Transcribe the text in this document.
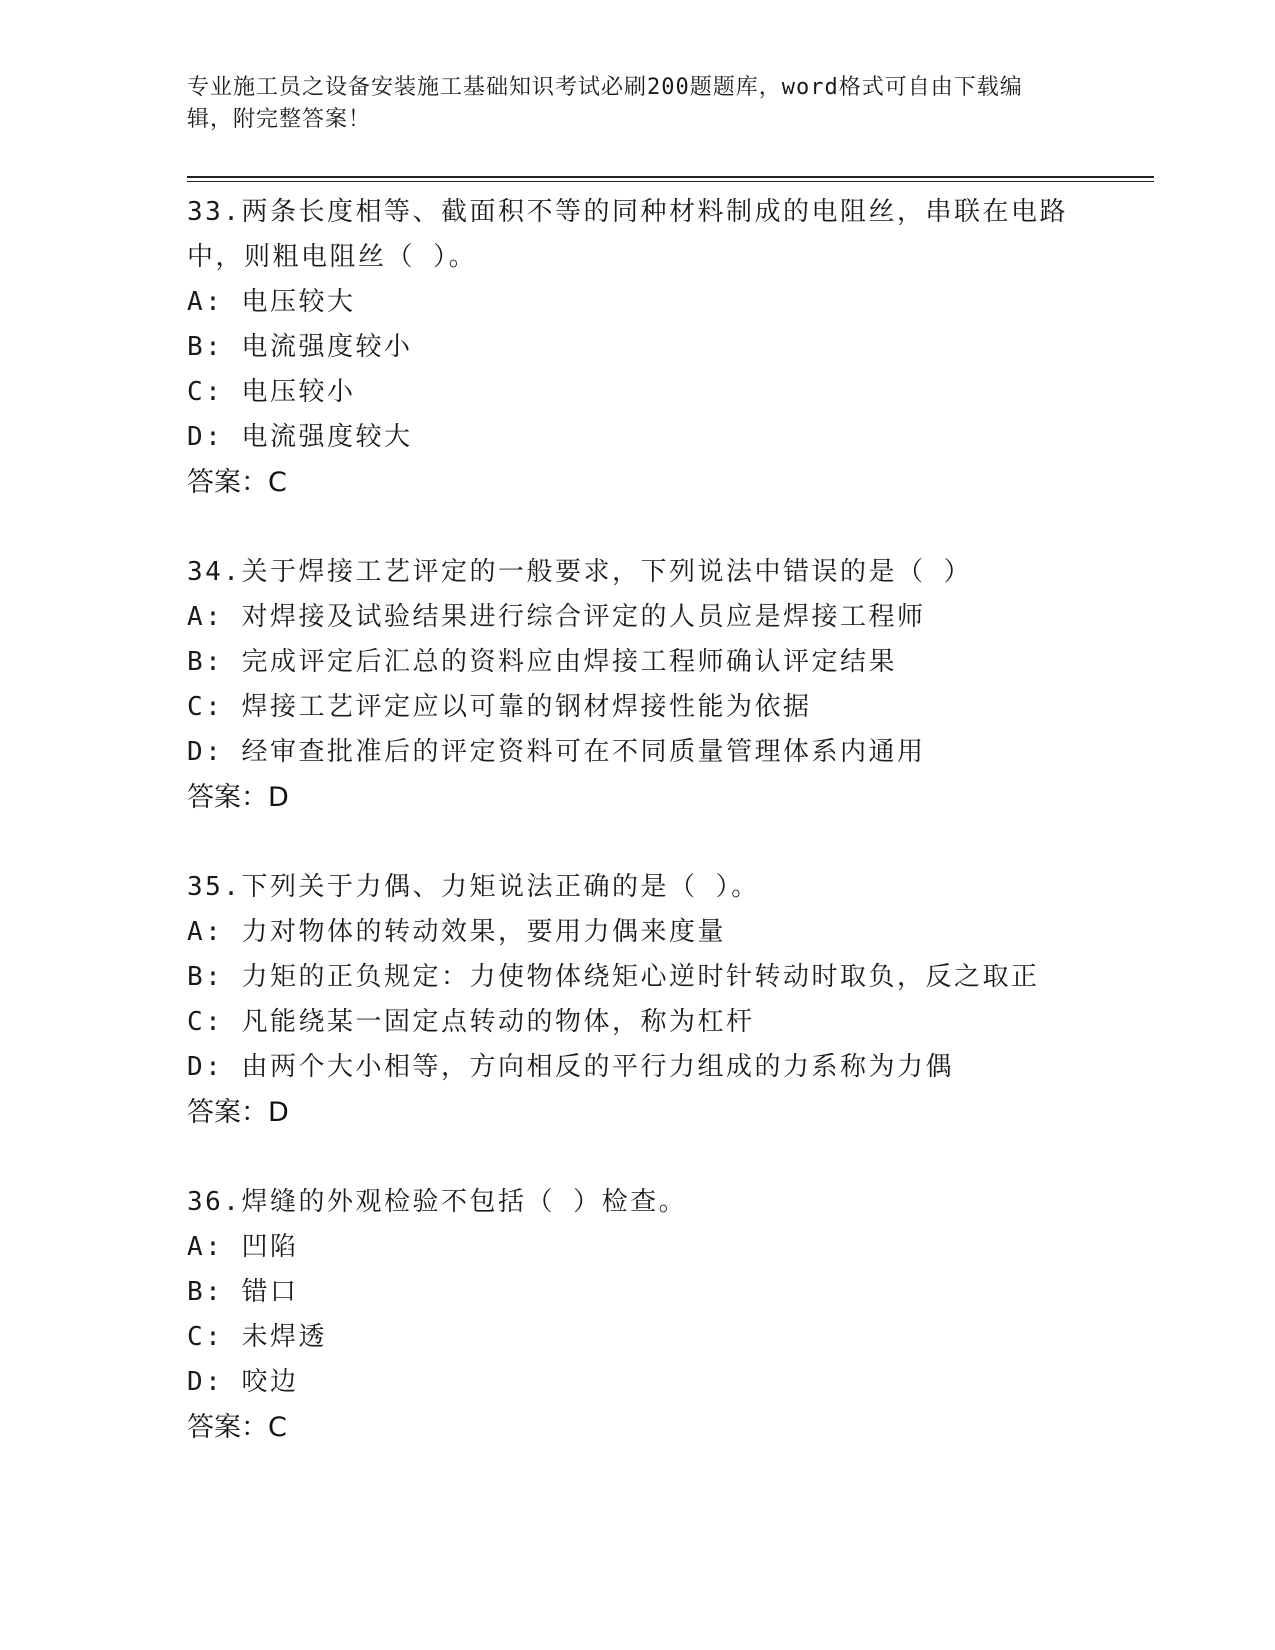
专业施工员之设备安装施工基础知识考试必刷200题题库，word格式可自由下载编辑，附完整答案！
33.两条长度相等、截面积不等的同种材料制成的电阻丝，串联在电路中，则粗电阻丝（ ）。
A: 电压较大
B: 电流强度较小
C: 电压较小
D: 电流强度较大
答案：C
34.关于焊接工艺评定的一般要求，下列说法中错误的是（ ）
A: 对焊接及试验结果进行综合评定的人员应是焊接工程师
B: 完成评定后汇总的资料应由焊接工程师确认评定结果
C: 焊接工艺评定应以可靠的钢材焊接性能为依据
D: 经审查批准后的评定资料可在不同质量管理体系内通用
答案：D
35.下列关于力偶、力矩说法正确的是（ ）。
A: 力对物体的转动效果，要用力偶来度量
B: 力矩的正负规定：力使物体绕矩心逆时针转动时取负，反之取正
C: 凡能绕某一固定点转动的物体，称为杠杆
D: 由两个大小相等，方向相反的平行力组成的力系称为力偶
答案：D
36.焊缝的外观检验不包括（ ）检查。
A: 凹陷
B: 错口
C: 未焊透
D: 咬边
答案：C
